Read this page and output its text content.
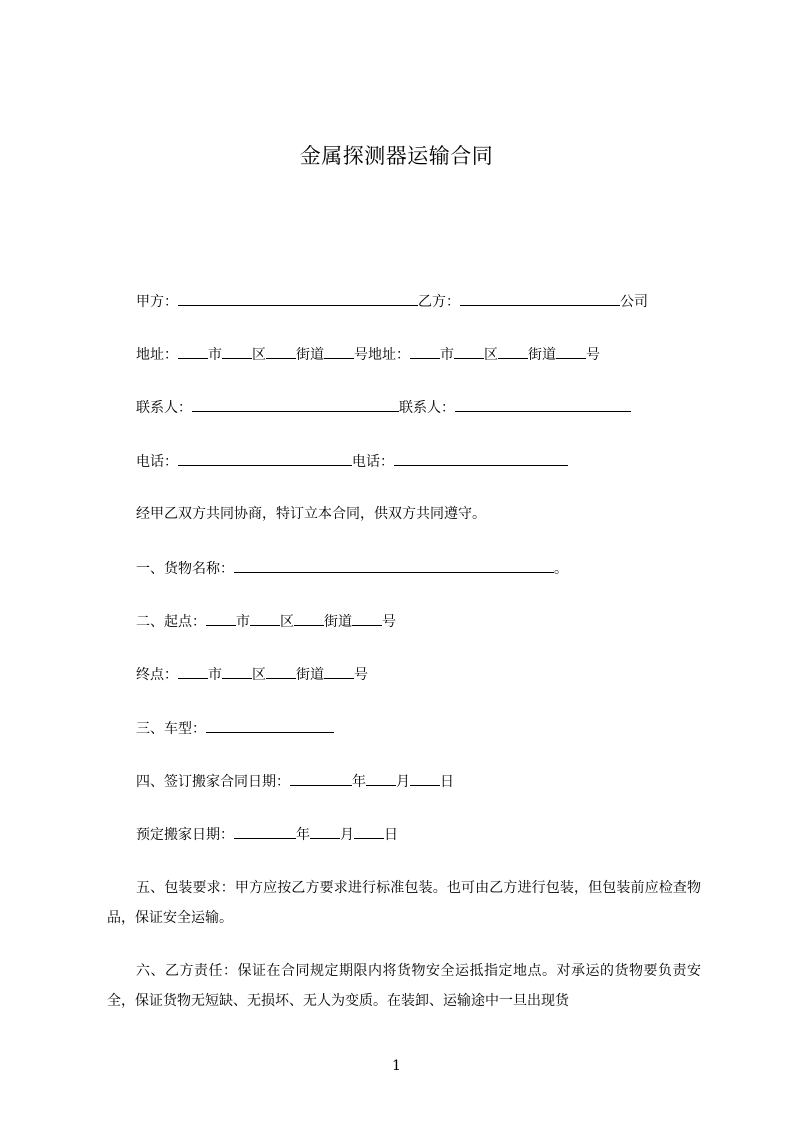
金属探测器运输合同
甲方：	乙方：	公司
地址： 市 区 街道 号地址： 市 区 街道 号
联系人：	联系人：
电话：	电话：
经甲乙双方共同协商，特订立本合同，供双方共同遵守。
一、货物名称：	。
二、起点： 市 区 街道 号
终点： 市 区 街道 号
三、车型：
四、签订搬家合同日期：	年 月 日
预定搬家日期：	年 月 日
五、包装要求：甲方应按乙方要求进行标准包装。也可由乙方进行包装，但包装前应检查物品，保证安全运输。
六、乙方责任：保证在合同规定期限内将货物安全运抵指定地点。对承运的货物要负责安全，保证货物无短缺、无损坏、无人为变质。在装卸、运输途中一旦出现货
1
